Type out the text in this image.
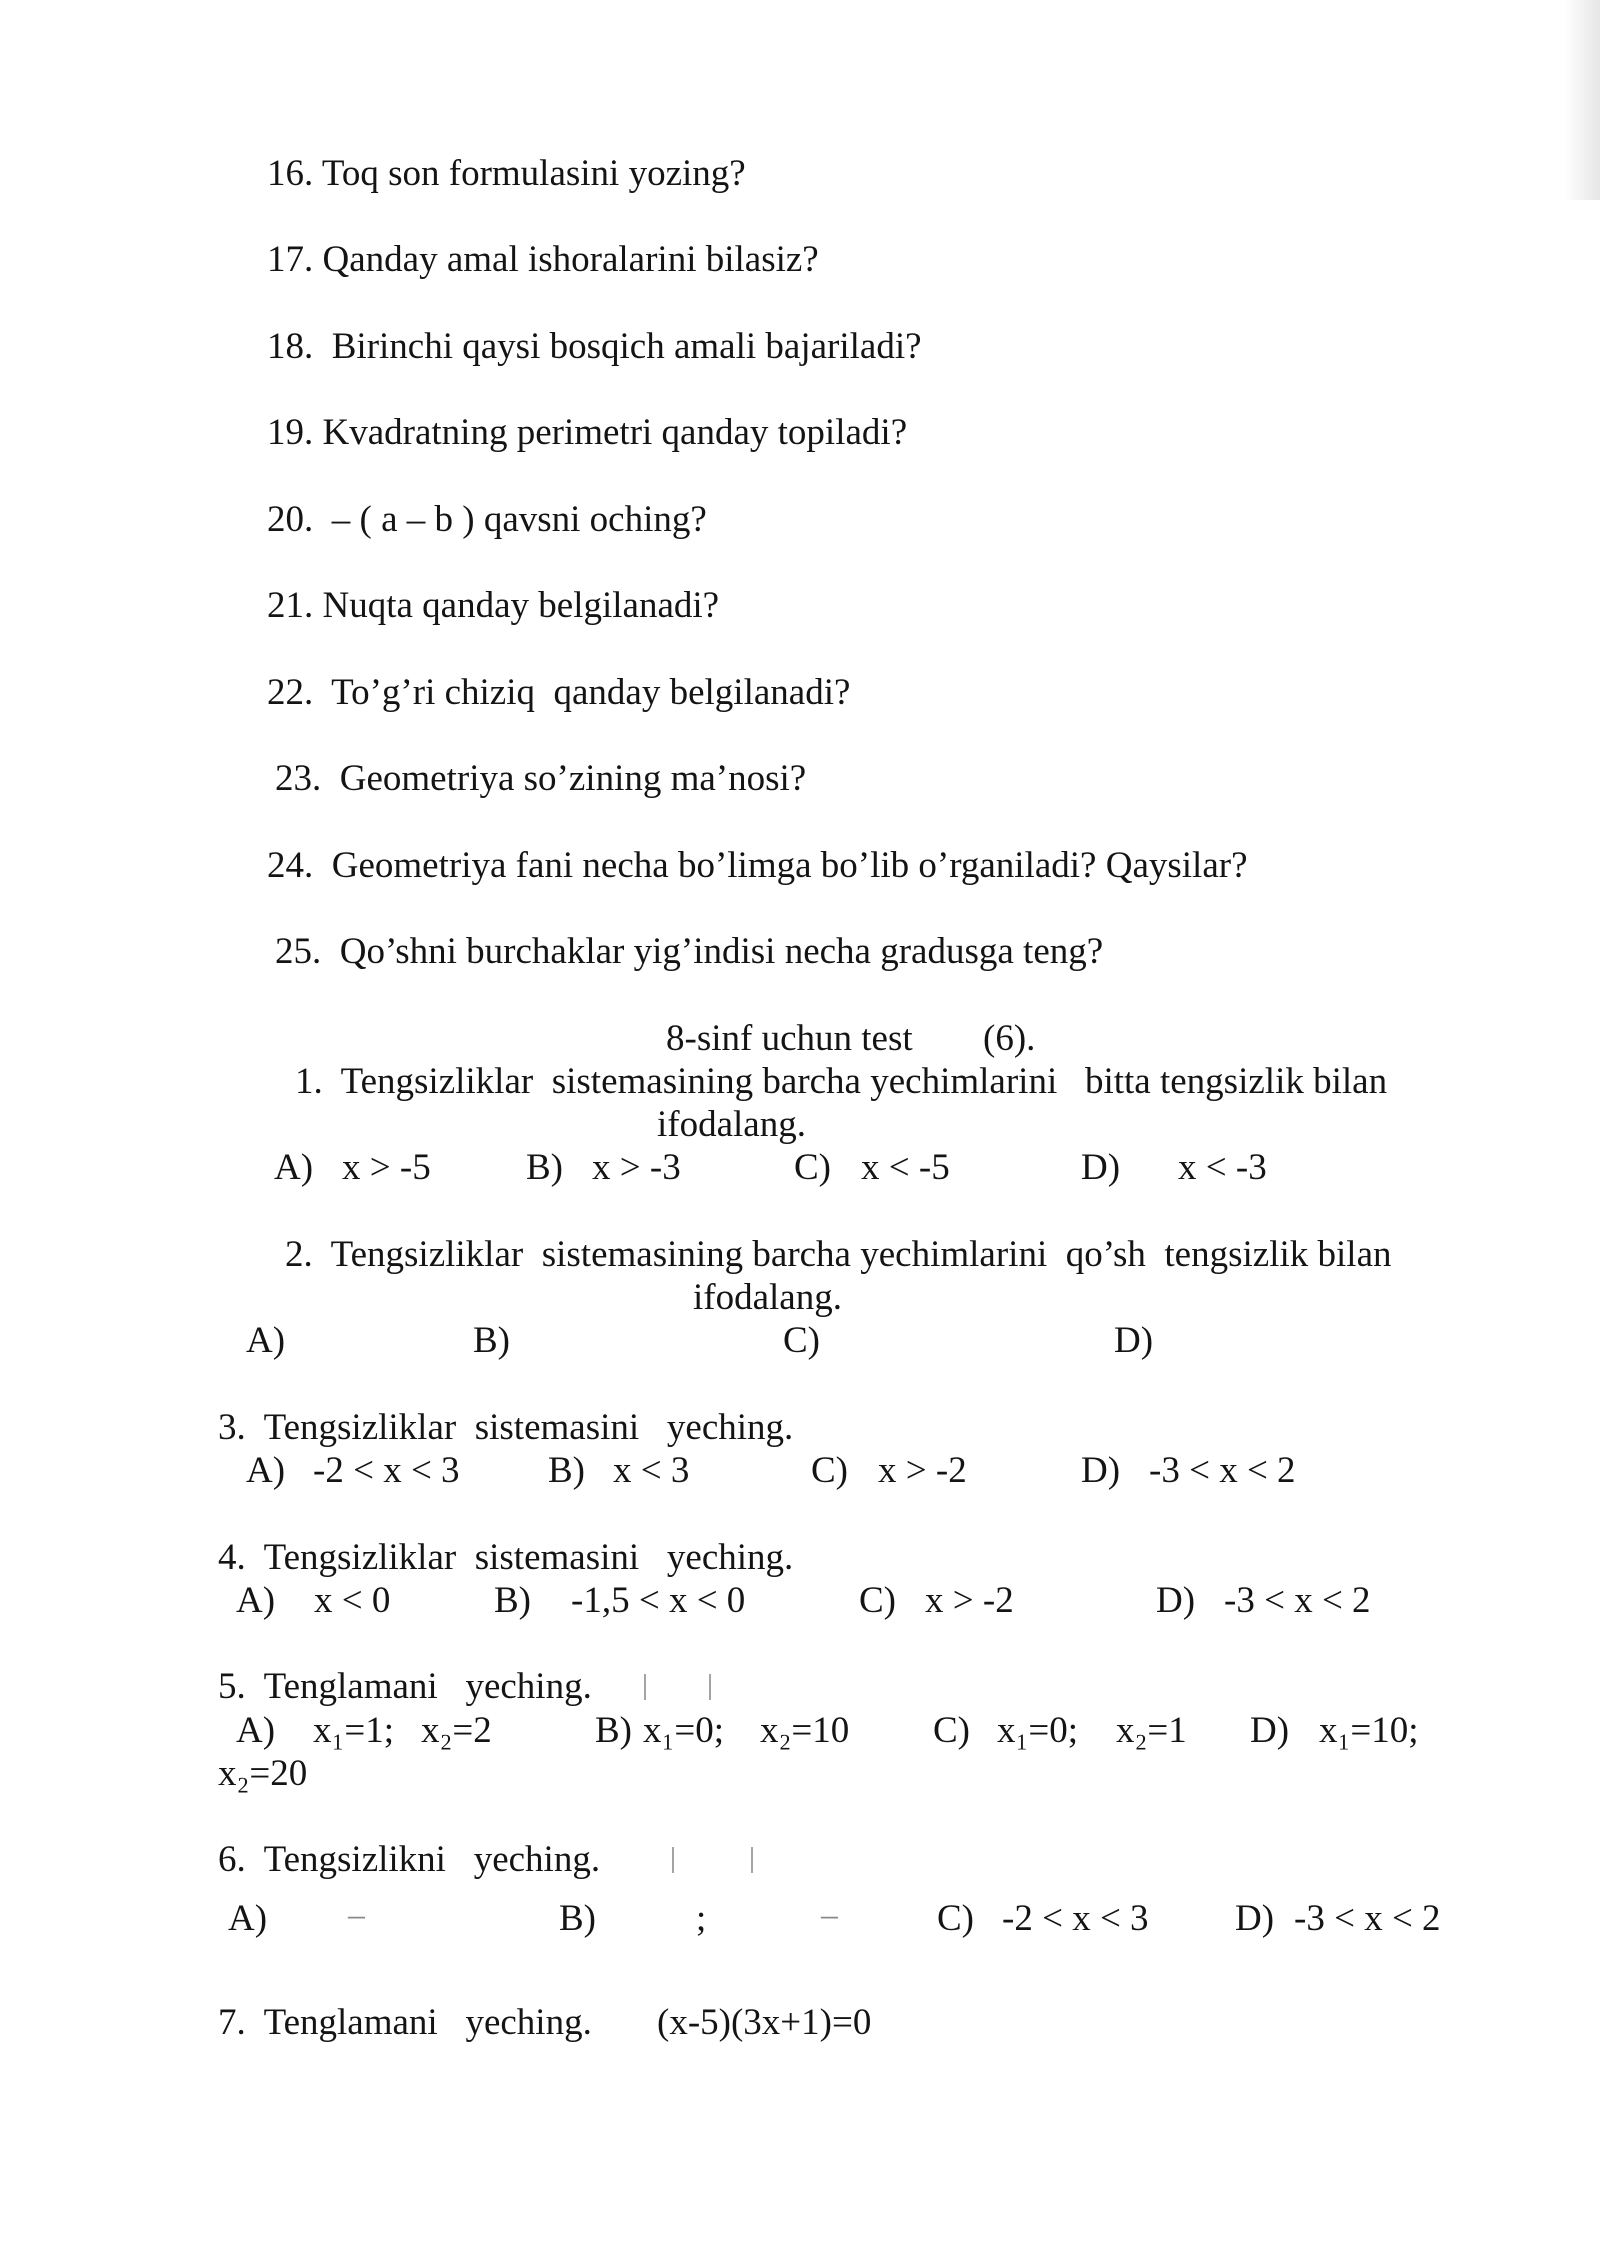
16. Toq son formulasini yozing?
17. Qanday amal ishoralarini bilasiz?
18.  Birinchi qaysi bosqich amali bajariladi?
19. Kvadratning perimetri qanday topiladi?
20.  – ( a – b ) qavsni oching?
21. Nuqta qanday belgilanadi?
22.  To’g’ri chiziq  qanday belgilanadi?
23.  Geometriya so’zining ma’nosi?
24.  Geometriya fani necha bo’limga bo’lib o’rganiladi? Qaysilar?
25.  Qo’shni burchaklar yig’indisi necha gradusga teng?
8-sinf uchun test (6).
1.  Tengsizliklar  sistemasining barcha yechimlarini   bitta tengsizlik bilan
ifodalang.
A) x > -5	B) x > -3	C) x < -5	D) x < -3
2.  Tengsizliklar  sistemasining barcha yechimlarini  qo’sh  tengsizlik bilan
ifodalang.
A)	B)	C)	D)
3.  Tengsizliklar  sistemasini   yeching.
A) -2 < x < 3 B) x < 3	C) x > -2	D) -3 < x < 2
4.  Tengsizliklar  sistemasini   yeching.
A) x < 0	B) -1,5 < x < 0	C) x > -2	D) -3 < x < 2
5.  Tenglamani   yeching.
A) x₁=1; x₂=2	B) x₁=0; x₂=10 C) x₁=0; x₂=1 D) x₁=10;
x₂=20
6.  Tengsizlikni   yeching.
A) −	B)	;	−	C) -2 < x < 3 D) -3 < x < 2
7.  Tenglamani   yeching. (x-5)(3x+1)=0
